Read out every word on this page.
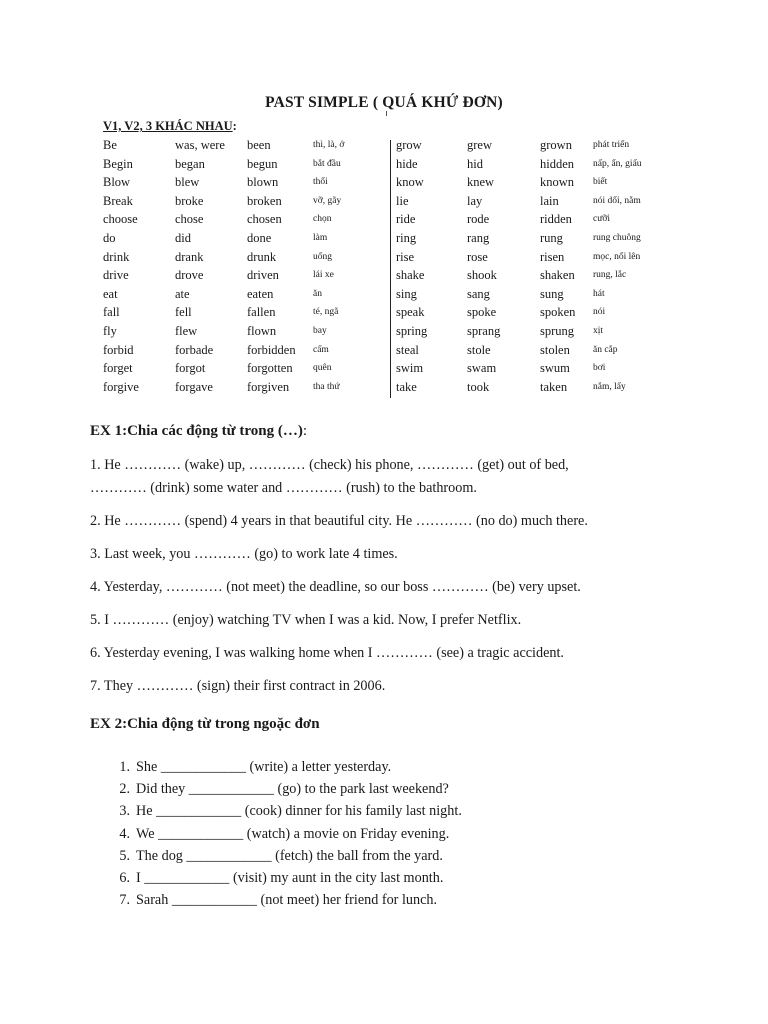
PAST SIMPLE ( QUÁ KHỨ ĐƠN)
V1, V2, 3 KHÁC NHAU:
Be	was, were been	thì, là, ở	grow	grew	grown phát triển
Begin	began	begun	bắt đầu	hide	hid	hidden nấp, ẩn, giấu
Blow	blew	blown	thổi	know	knew	known biết
Break	broke	broken	vỡ, gãy	lie	lay	lain	nói dối, nằm
choose	chose	chosen	chọn	ride	rode	ridden cưỡi
do	did	done	làm	ring	rang	rung	rung chuông
drink	drank	drunk	uống	rise	rose	risen	mọc, nổi lên
drive	drove	driven	lái xe	shake	shook	shaken rung, lắc
eat	ate	eaten	ăn	sing	sang	sung	hát
fall	fell	fallen	té, ngã	speak	spoke	spoken nói
fly	flew	flown	bay	spring	sprang	sprung xịt
forbid	forbade	forbidden cấm	steal	stole	stolen ăn cắp
forget	forgot	forgotten quên	swim	swam	swum bơi
forgive	forgave	forgiven	tha thứ	take	took	taken	nắm, lấy
EX 1:Chia các động từ trong (…):
1. He ………… (wake) up, ………… (check) his phone, ………… (get) out of bed,
………… (drink) some water and ………… (rush) to the bathroom.
2. He ………… (spend) 4 years in that beautiful city. He ………… (no do) much there.
3. Last week, you ………… (go) to work late 4 times.
4. Yesterday, ………… (not meet) the deadline, so our boss ………… (be) very upset.
5. I ………… (enjoy) watching TV when I was a kid. Now, I prefer Netflix.
6. Yesterday evening, I was walking home when I ………… (see) a tragic accident.
7. They ………… (sign) their first contract in 2006.
EX 2:Chia động từ trong ngoặc đơn
1. She ____________ (write) a letter yesterday.
2. Did they ____________ (go) to the park last weekend?
3. He ____________ (cook) dinner for his family last night.
4. We ____________ (watch) a movie on Friday evening.
5. The dog ____________ (fetch) the ball from the yard.
6. I ____________ (visit) my aunt in the city last month.
7. Sarah ____________ (not meet) her friend for lunch.
